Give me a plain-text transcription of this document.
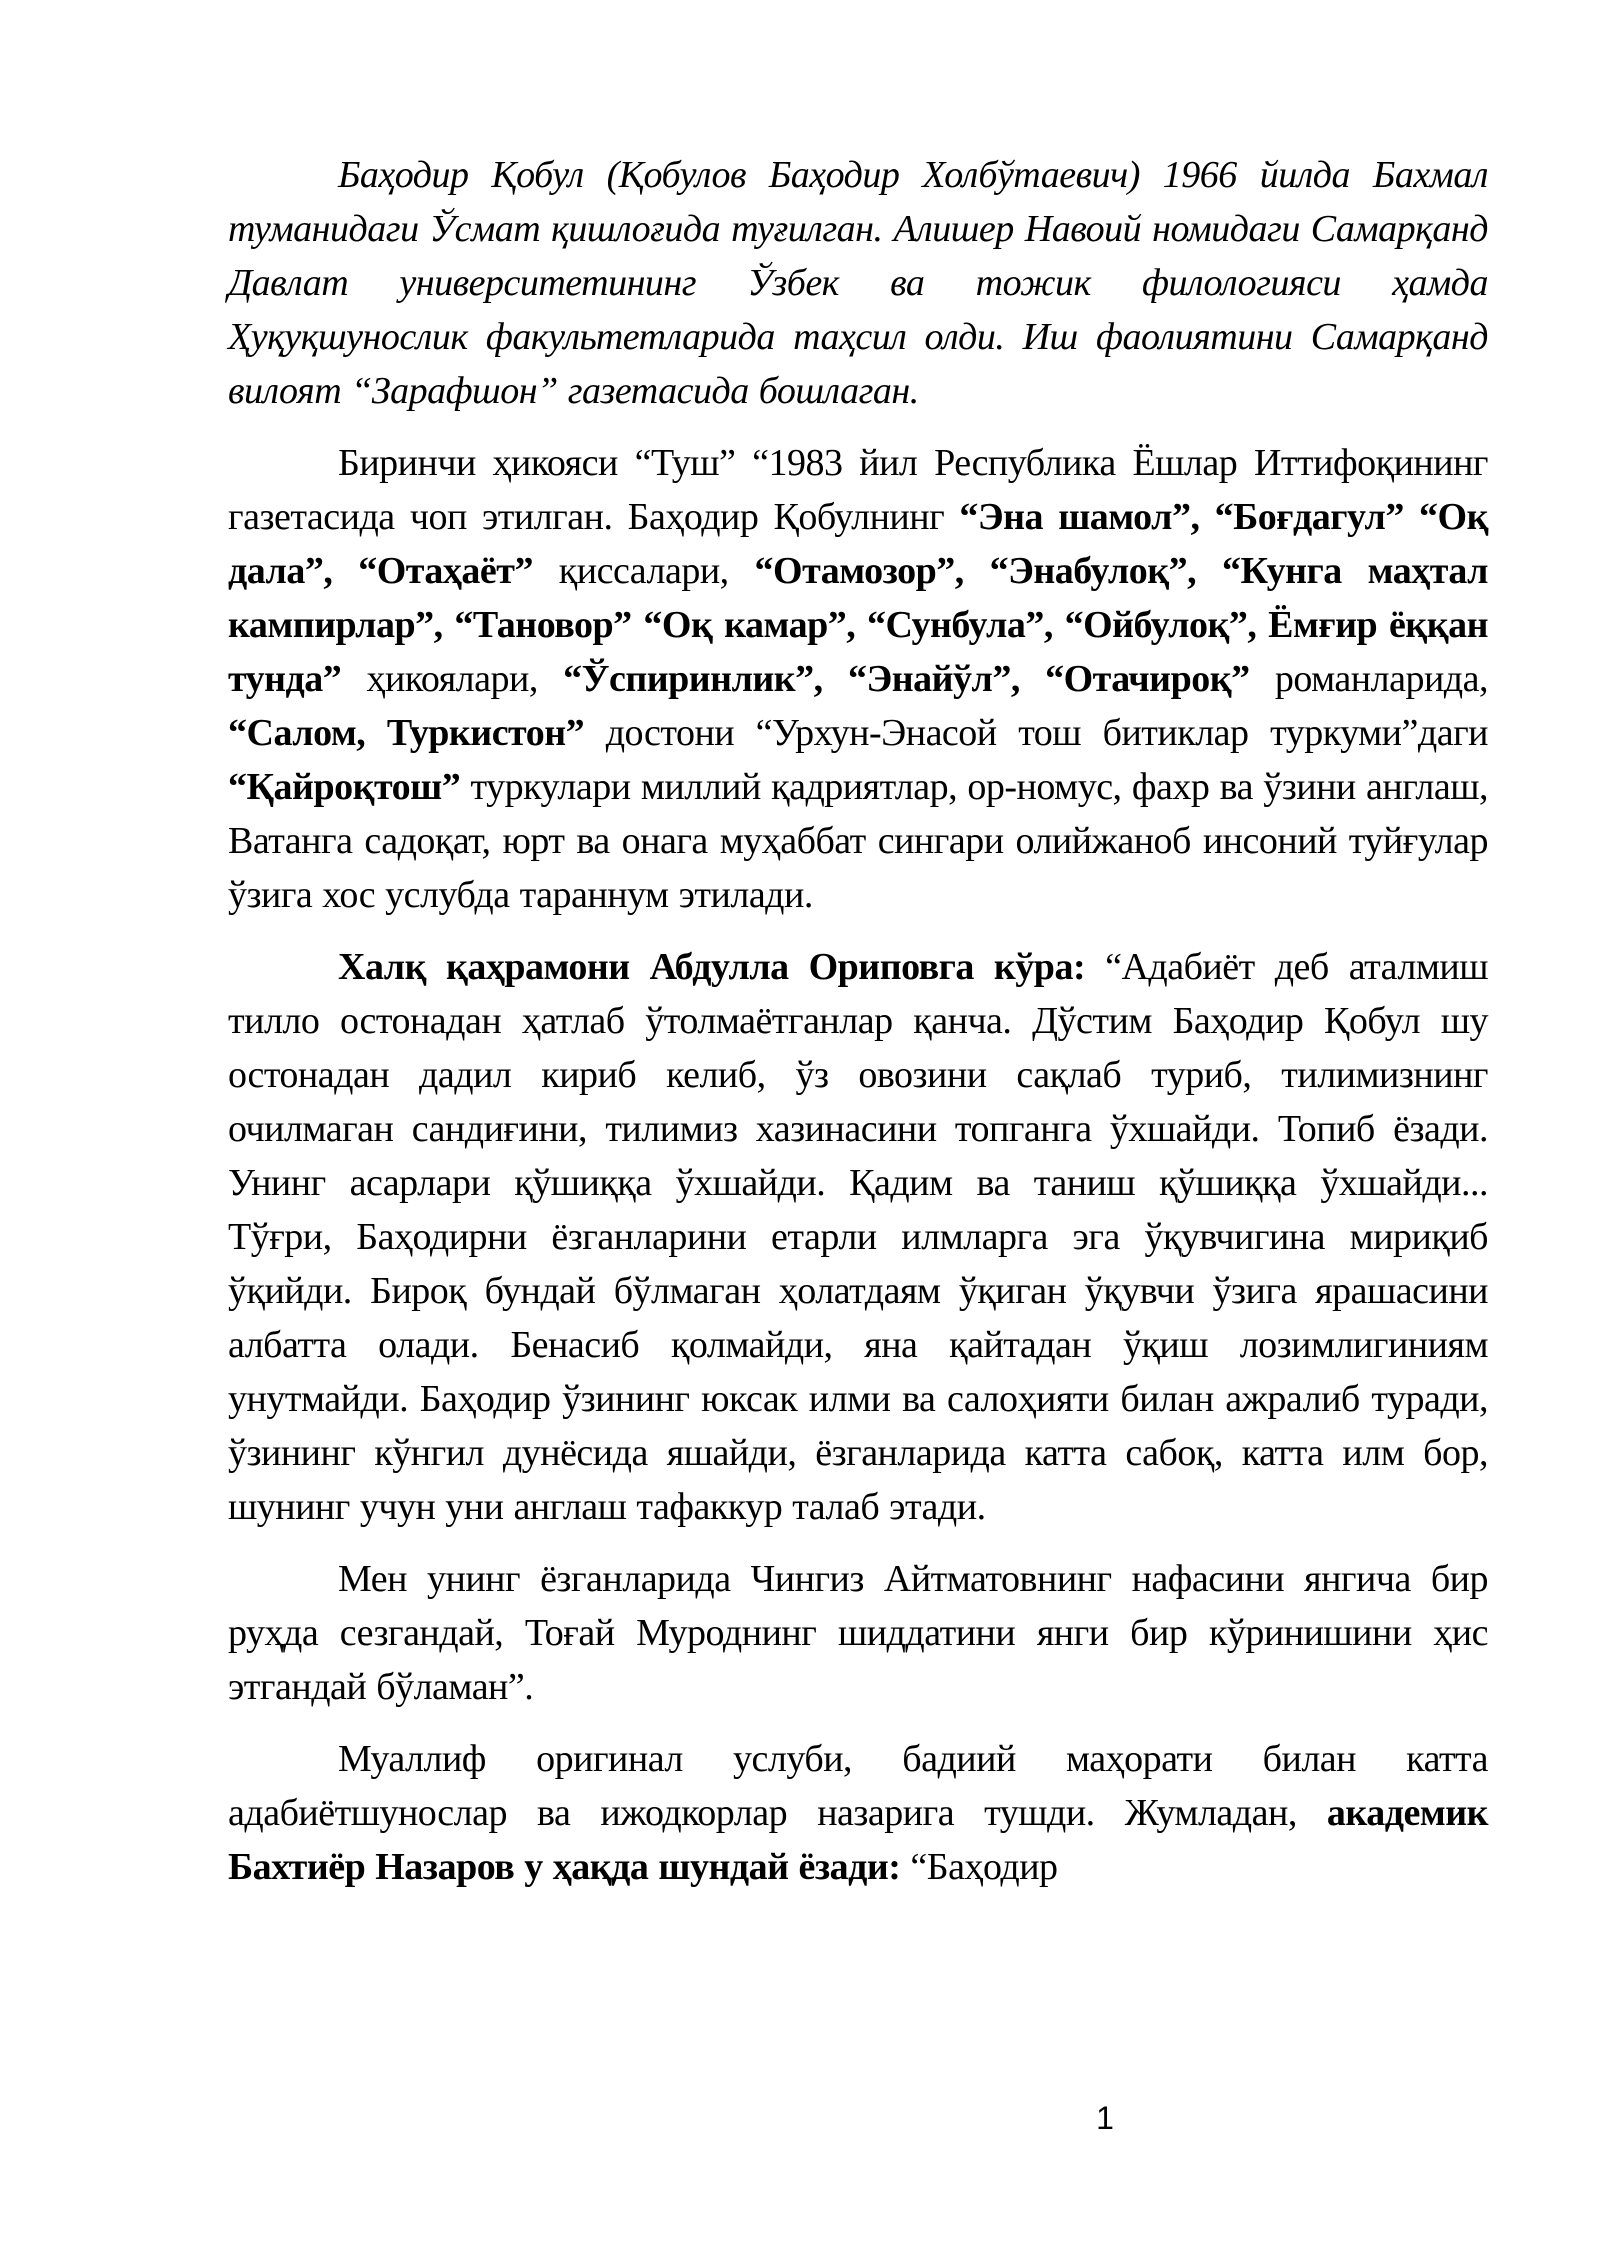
Баҳодир Қобул (Қобулов Баҳодир Холбўтаевич) 1966 йилда Бахмал туманидаги Ўсмат қишлоғида туғилган. Алишер Навоий номидаги Самарқанд Давлат университетининг Ўзбек ва тожик филологияси ҳамда Ҳуқуқшунослик факультетларида таҳсил олди. Иш фаолиятини Самарқанд вилоят “Зарафшон” газетасида бошлаган.

Биринчи ҳикояси “Туш” “1983 йил Республика Ёшлар Иттифоқининг газетасида чоп этилган. Баҳодир Қобулнинг “Эна шамол”, “Боғдагул” “Оқ дала”, “Отаҳаёт” қиссалари, “Отамозор”, “Энабулоқ”, “Кунга маҳтал кампирлар”, “Тановор” “Оқ камар”, “Сунбула”, “Ойбулоқ”, Ёмғир ёққан тунда” ҳикоялари, “Ўспиринлик”, “Энайўл”, “Отачироқ” романларида, “Салом, Туркистон” достони “Урхун-Энасой тош битиклар туркуми”даги “Қайроқтош” туркулари миллий қадриятлар, ор-номус, фахр ва ўзини англаш, Ватанга садоқат, юрт ва онага муҳаббат сингари олийжаноб инсоний туйғулар ўзига хос услубда тараннум этилади.

Халқ қаҳрамони Абдулла Ориповга кўра: “Адабиёт деб аталмиш тилло остонадан ҳатлаб ўтолмаётганлар қанча. Дўстим Баҳодир Қобул шу остонадан дадил кириб келиб, ўз овозини сақлаб туриб, тилимизнинг очилмаган сандиғини, тилимиз хазинасини топганга ўхшайди. Топиб ёзади. Унинг асарлари қўшиққа ўхшайди. Қадим ва таниш қўшиққа ўхшайди... Тўғри, Баҳодирни ёзганларини етарли илмларга эга ўқувчигина мириқиб ўқийди. Бироқ бундай бўлмаган ҳолатдаям ўқиган ўқувчи ўзига ярашасини албатта олади. Бенасиб қолмайди, яна қайтадан ўқиш лозимлигиниям унутмайди. Баҳодир ўзининг юксак илми ва салоҳияти билан ажралиб туради, ўзининг кўнгил дунёсида яшайди, ёзганларида катта сабоқ, катта илм бор, шунинг учун уни англаш тафаккур талаб этади.

Мен унинг ёзганларида Чингиз Айтматовнинг нафасини янгича бир руҳда сезгандай, Тоғай Муроднинг шиддатини янги бир кўринишини ҳис этгандай бўламан”.

Муаллиф оригинал услуби, бадиий маҳорати билан катта адабиётшунослар ва ижодкорлар назарига тушди. Жумладан, академик Бахтиёр Назаров у ҳақда шундай ёзади: “Баҳодир

1
